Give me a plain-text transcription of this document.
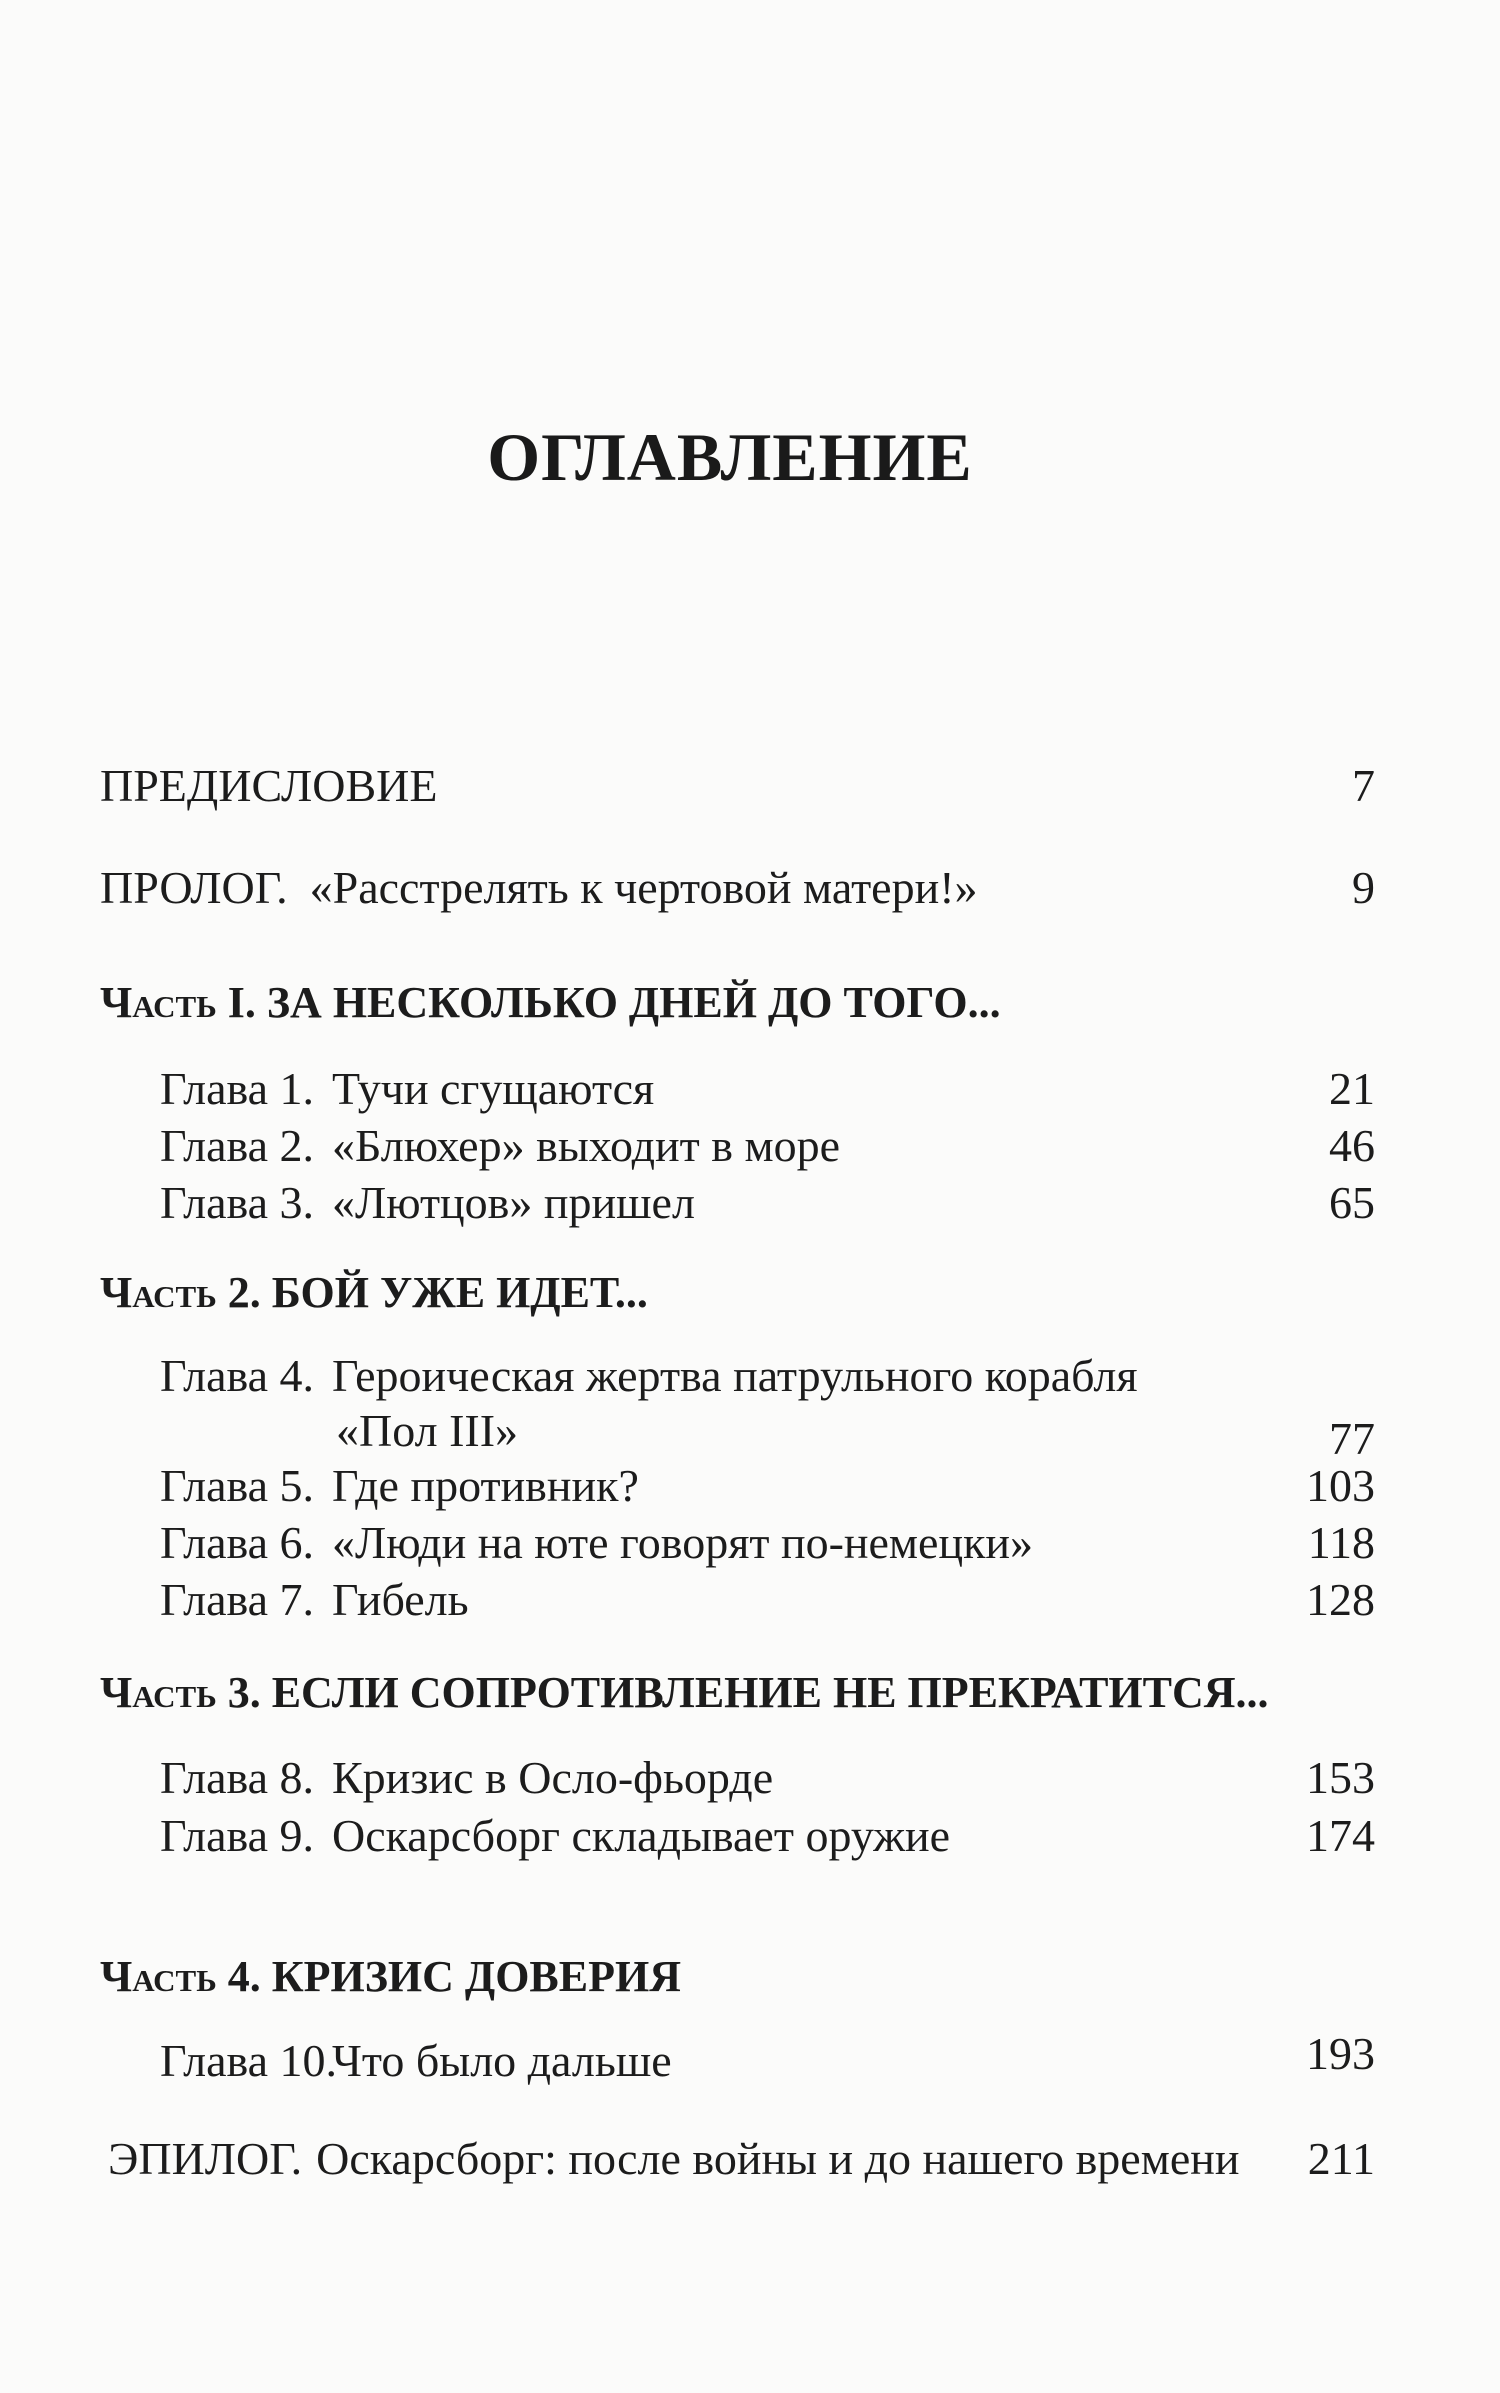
ОГЛАВЛЕНИЕ
ПРЕДИСЛОВИЕ	7
ПРОЛОГ. «Расстрелять к чертовой матери!»	9
Часть I. ЗА НЕСКОЛЬКО ДНЕЙ ДО ТОГО...
Глава 1. Тучи сгущаются	21
Глава 2. «Блюхер» выходит в море	46
Глава 3. «Лютцов» пришел	65
Часть 2. БОЙ УЖЕ ИДЕТ...
Глава 4. Героическая жертва патрульного корабля
«Пол III»	77
Глава 5. Где противник?	103
Глава 6. «Люди на юте говорят по-немецки»	118
Глава 7. Гибель	128
Часть 3. ЕСЛИ СОПРОТИВЛЕНИЕ НЕ ПРЕКРАТИТСЯ...
Глава 8. Кризис в Осло-фьорде	153
Глава 9. Оскарсборг складывает оружие	174
Часть 4. КРИЗИС ДОВЕРИЯ
Глава 10.Что было дальше	193
ЭПИЛОГ. Оскарсборг: после войны и до нашего времени	211
